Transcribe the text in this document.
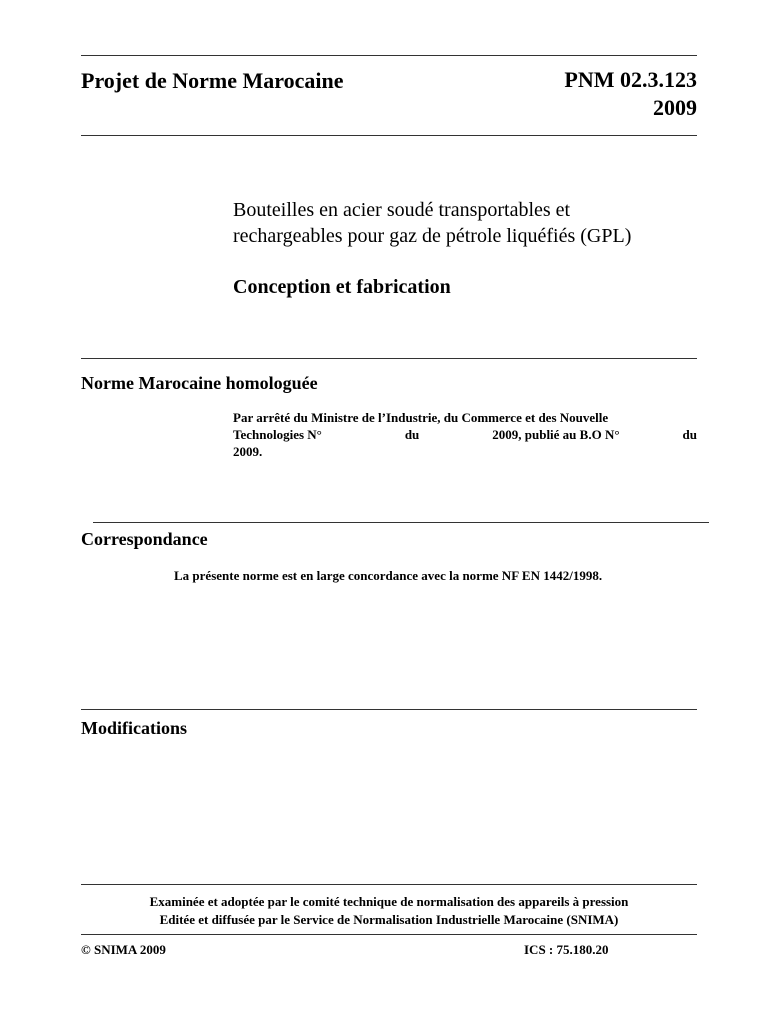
Projet de Norme Marocaine	PNM 02.3.123
2009
Bouteilles en acier soudé transportables et
rechargeables pour gaz de pétrole liquéfiés (GPL)
Conception et fabrication
Norme Marocaine homologuée
Par arrêté du Ministre de l’Industrie, du Commerce et des Nouvelle
Technologies N°	du	2009, publié au B.O N°	du
2009.
Correspondance
La présente norme est en large concordance avec la norme NF EN 1442/1998.
Modifications
Examinée et adoptée par le comité technique de normalisation des appareils à pression
Editée et diffusée par le Service de Normalisation Industrielle Marocaine (SNIMA)
© SNIMA 2009	ICS : 75.180.20
